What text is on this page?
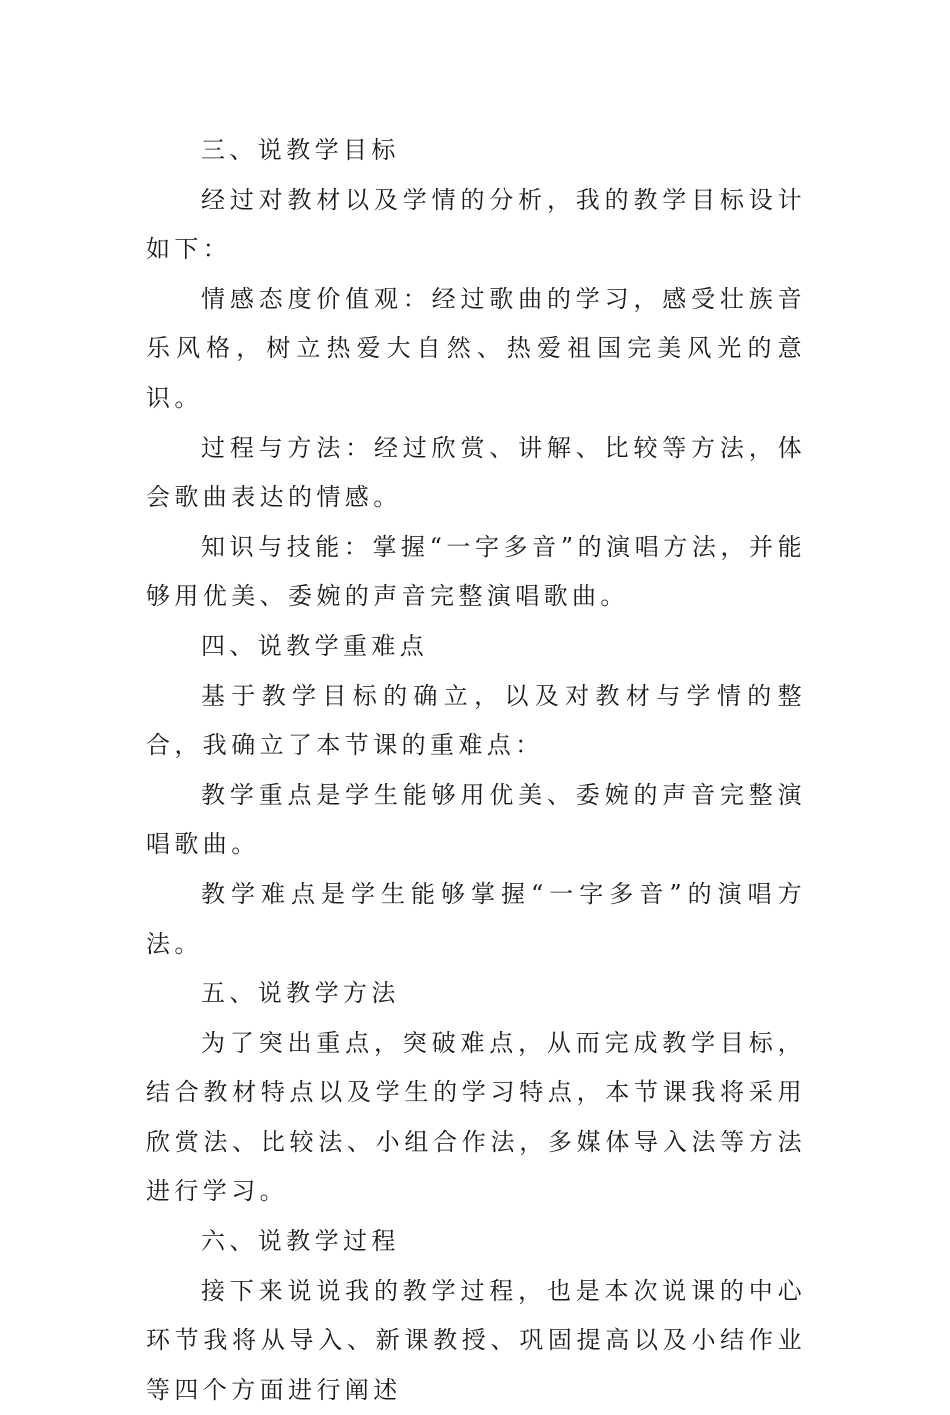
三、说教学目标

经过对教材以及学情的分析，我的教学目标设计如下：

情感态度价值观：经过歌曲的学习，感受壮族音乐风格，树立热爱大自然、热爱祖国完美风光的意识。

过程与方法：经过欣赏、讲解、比较等方法，体会歌曲表达的情感。

知识与技能：掌握“一字多音”的演唱方法，并能够用优美、委婉的声音完整演唱歌曲。

四、说教学重难点

基于教学目标的确立，以及对教材与学情的整合，我确立了本节课的重难点：

教学重点是学生能够用优美、委婉的声音完整演唱歌曲。

教学难点是学生能够掌握“一字多音”的演唱方法。

五、说教学方法

为了突出重点，突破难点，从而完成教学目标，结合教材特点以及学生的学习特点，本节课我将采用欣赏法、比较法、小组合作法，多媒体导入法等方法进行学习。

六、说教学过程

接下来说说我的教学过程，也是本次说课的中心环节我将从导入、新课教授、巩固提高以及小结作业等四个方面进行阐述
